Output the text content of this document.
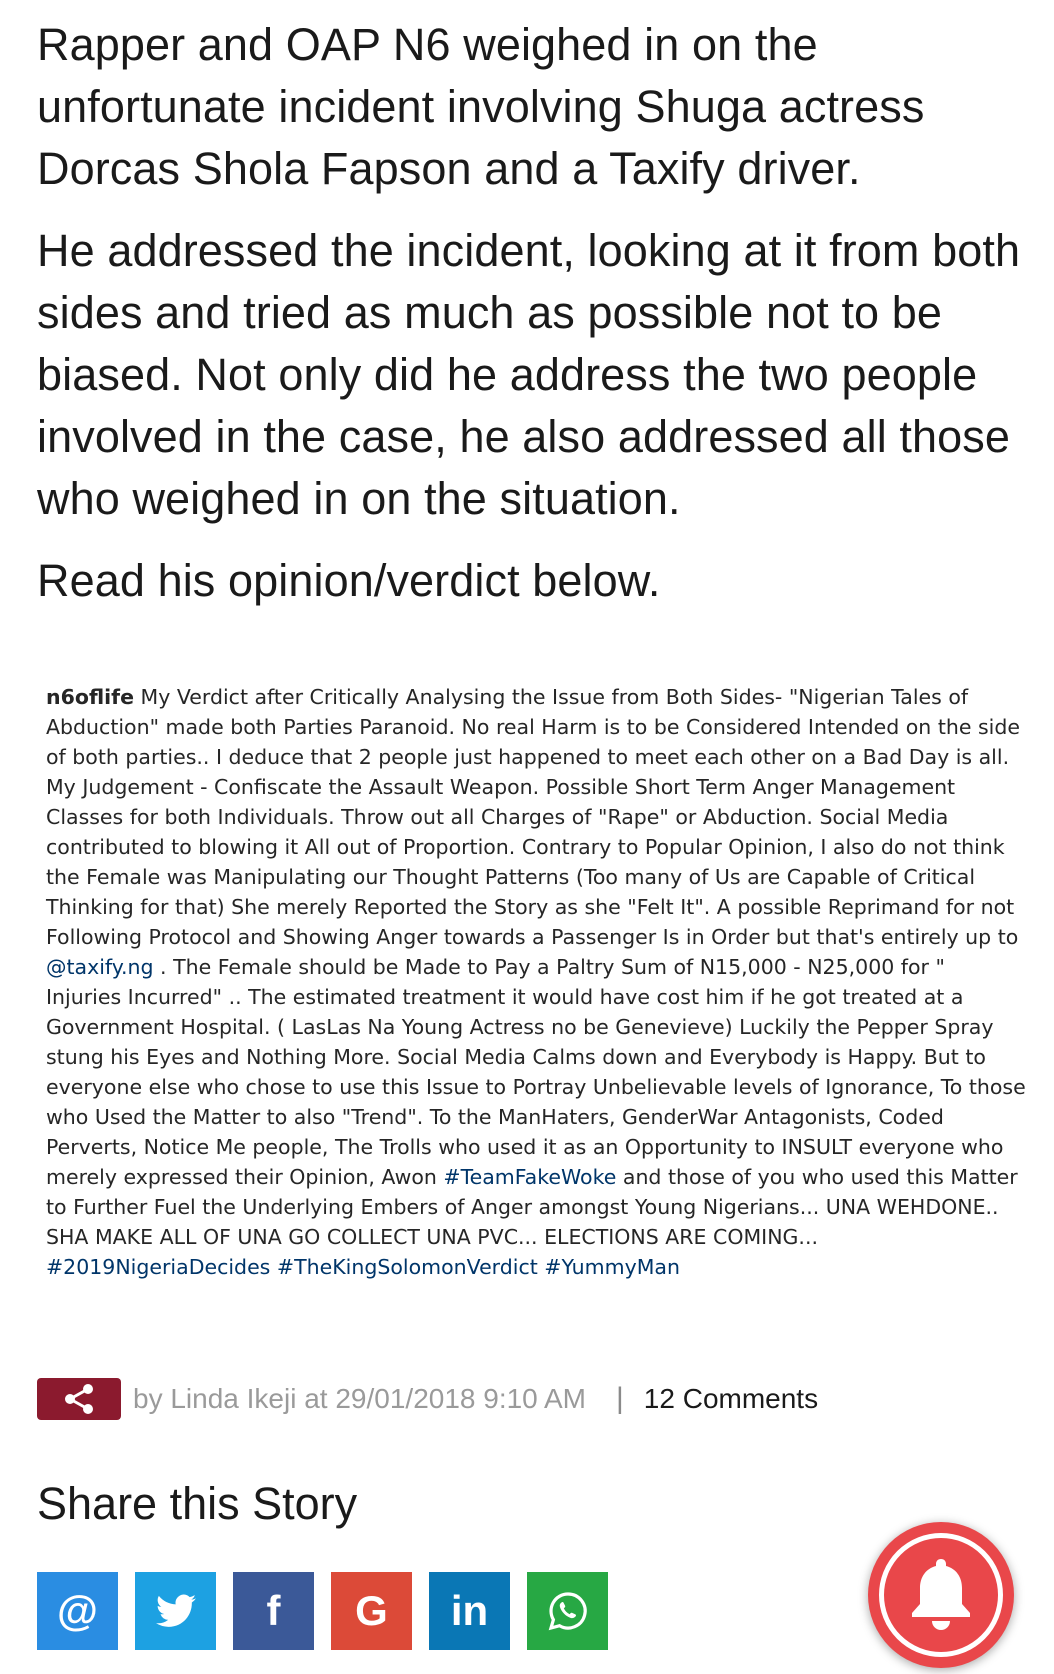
Rapper and OAP N6 weighed in on the unfortunate incident involving Shuga actress Dorcas Shola Fapson and a Taxify driver.

He addressed the incident, looking at it from both sides and tried as much as possible not to be biased. Not only did he address the two people involved in the case, he also addressed all those who weighed in on the situation.

Read his opinion/verdict below.

n6oflife My Verdict after Critically Analysing the Issue from Both Sides- "Nigerian Tales of Abduction" made both Parties Paranoid. No real Harm is to be Considered Intended on the side of both parties.. I deduce that 2 people just happened to meet each other on a Bad Day is all.

My Judgement - Confiscate the Assault Weapon. Possible Short Term Anger Management Classes for both Individuals. Throw out all Charges of "Rape" or Abduction. Social Media contributed to blowing it All out of Proportion. Contrary to Popular Opinion, I also do not think the Female was Manipulating our Thought Patterns (Too many of Us are Capable of Critical Thinking for that) She merely Reported the Story as she "Felt It". A possible Reprimand for not Following Protocol and Showing Anger towards a Passenger Is in Order but that's entirely up to @taxify.ng . The Female should be Made to Pay a Paltry Sum of N15,000 - N25,000 for " Injuries Incurred" .. The estimated treatment it would have cost him if he got treated at a Government Hospital. ( LasLas Na Young Actress no be Genevieve) Luckily the Pepper Spray stung his Eyes and Nothing More. Social Media Calms down and Everybody is Happy. But to everyone else who chose to use this Issue to Portray Unbelievable levels of Ignorance, To those who Used the Matter to also "Trend". To the ManHaters, GenderWar Antagonists, Coded Perverts, Notice Me people, The Trolls who used it as an Opportunity to INSULT everyone who merely expressed their Opinion, Awon #TeamFakeWoke and those of you who used this Matter to Further Fuel the Underlying Embers of Anger amongst Young Nigerians... UNA WEHDONE.. SHA MAKE ALL OF UNA GO COLLECT UNA PVC... ELECTIONS ARE COMING... #2019NigeriaDecides #TheKingSolomonVerdict #YummyMan

by Linda Ikeji at 29/01/2018 9:10 AM | 12 Comments
Share this Story
@	f G in
